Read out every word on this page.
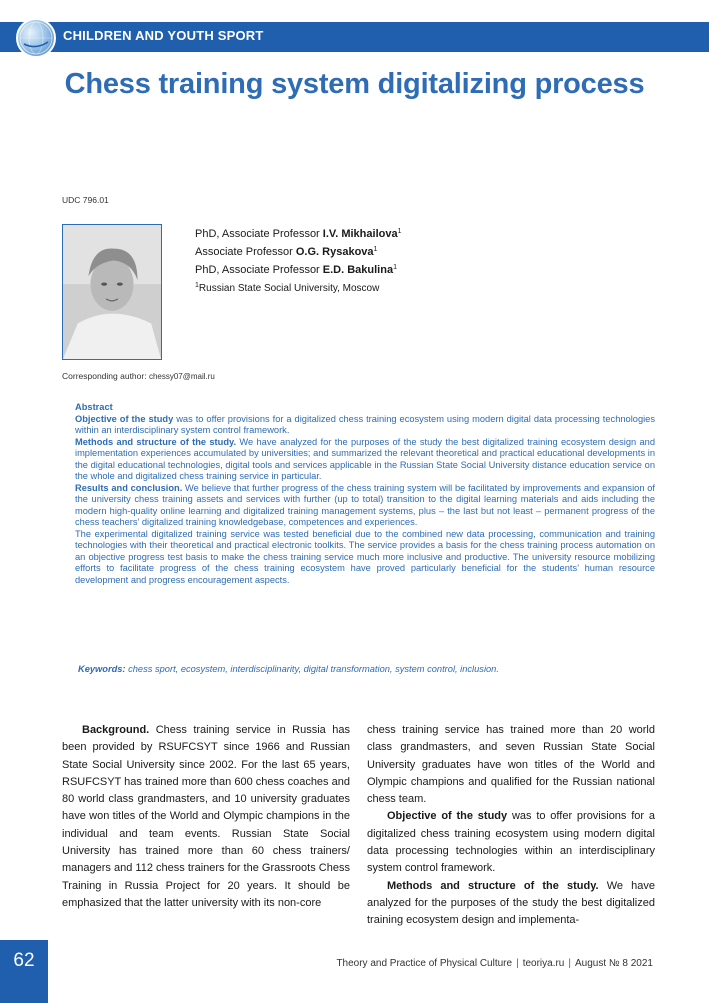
CHILDREN AND YOUTH SPORT
Chess training system digitalizing process
UDC 796.01
PhD, Associate Professor I.V. Mikhailova$^1$
Associate Professor O.G. Rysakova$^1$
PhD, Associate Professor E.D. Bakulina$^1$
$^1$Russian State Social University, Moscow
Corresponding author: chessy07@mail.ru

Abstract

Objective of the study was to offer provisions for a digitalized chess training ecosystem using modern digital data processing technologies within an interdisciplinary system control framework.

Methods and structure of the study. We have analyzed for the purposes of the study the best digitalized training ecosystem design and implementation experiences accumulated by universities; and summarized the relevant theoretical and practical educational developments in the digital educational technologies, digital tools and services applicable in the Russian State Social University distance education service on the whole and digitalized chess training service in particular.

Results and conclusion. We believe that further progress of the chess training system will be facilitated by improvements and expansion of the university chess training assets and services with further (up to total) transition to the digital learning materials and aids including the modern high-quality online learning and digitalized training management systems, plus – the last but not least – permanent progress of the chess teachers’ digitalized training knowledgebase, competences and experiences.

The experimental digitalized training service was tested beneficial due to the combined new data processing, communication and training technologies with their theoretical and practical electronic toolkits. The service provides a basis for the chess training process automation on an objective progress test basis to make the chess training service much more inclusive and productive. The university resource mobilizing efforts to facilitate progress of the chess training ecosystem have proved particularly beneficial for the students’ human resource development and progress encouragement aspects.

Keywords: chess sport, ecosystem, interdisciplinarity, digital transformation, system control, inclusion.

Background. Chess training service in Russia has been provided by RSUFCSYT since 1966 and Russian State Social University since 2002. For the last 65 years, RSUFCSYT has trained more than 600 chess coaches and 80 world class grandmasters, and 10 university graduates have won titles of the World and Olympic champions in the individual and team events. Russian State Social University has trained more than 60 chess trainers/ managers and 112 chess trainers for the Grassroots Chess Training in Russia Project for 20 years. It should be emphasized that the latter university with its non-core

chess training service has trained more than 20 world class grandmasters, and seven Russian State Social University graduates have won titles of the World and Olympic champions and qualified for the Russian national chess team.

Objective of the study was to offer provisions for a digitalized chess training ecosystem using modern digital data processing technologies within an interdisciplinary system control framework.

Methods and structure of the study. We have analyzed for the purposes of the study the best digitalized training ecosystem design and implementa-

62	Theory and Practice of Physical Culture | teoriya.ru | August № 8 2021
